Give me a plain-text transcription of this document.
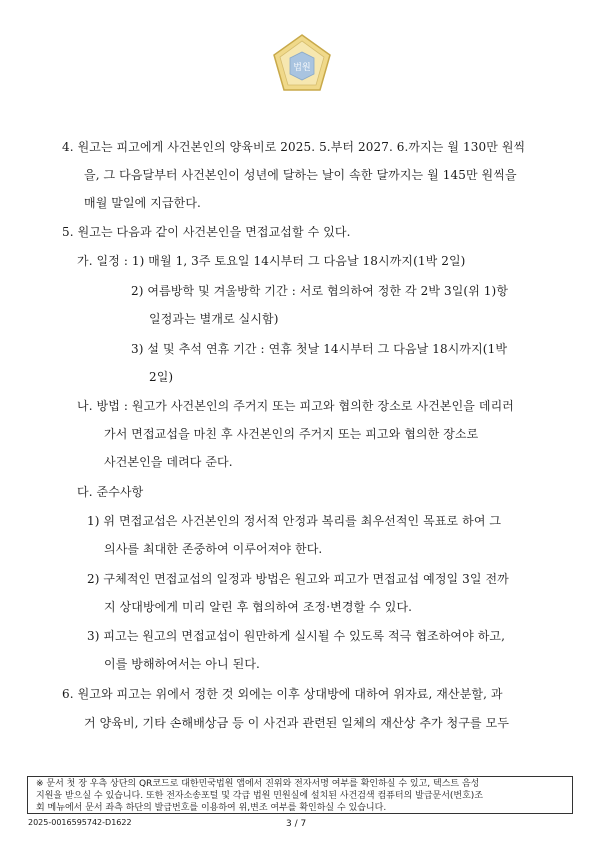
법원
4. 원고는 피고에게 사건본인의 양육비로 2025. 5.부터 2027. 6.까지는 월 130만 원씩
을, 그 다음달부터 사건본인이 성년에 달하는 날이 속한 달까지는 월 145만 원씩을
매월 말일에 지급한다.
5. 원고는 다음과 같이 사건본인을 면접교섭할 수 있다.
가. 일정 : 1) 매월 1, 3주 토요일 14시부터 그 다음날 18시까지(1박 2일)
2) 여름방학 및 겨울방학 기간 : 서로 협의하여 정한 각 2박 3일(위 1)항
일정과는 별개로 실시함)
3) 설 및 추석 연휴 기간 : 연휴 첫날 14시부터 그 다음날 18시까지(1박
2일)
나. 방법 : 원고가 사건본인의 주거지 또는 피고와 협의한 장소로 사건본인을 데리러
가서 면접교섭을 마친 후 사건본인의 주거지 또는 피고와 협의한 장소로
사건본인을 데려다 준다.
다. 준수사항
1) 위 면접교섭은 사건본인의 정서적 안정과 복리를 최우선적인 목표로 하여 그
의사를 최대한 존중하여 이루어져야 한다.
2) 구체적인 면접교섭의 일정과 방법은 원고와 피고가 면접교섭 예정일 3일 전까
지 상대방에게 미리 알린 후 협의하여 조정·변경할 수 있다.
3) 피고는 원고의 면접교섭이 원만하게 실시될 수 있도록 적극 협조하여야 하고,
이를 방해하여서는 아니 된다.
6. 원고와 피고는 위에서 정한 것 외에는 이후 상대방에 대하여 위자료, 재산분할, 과
거 양육비, 기타 손해배상금 등 이 사건과 관련된 일체의 재산상 추가 청구를 모두
※ 문서 첫 장 우측 상단의 QR코드로 대한민국법원 앱에서 진위와 전자서명 여부를 확인하실 수 있고, 텍스트 음성
지원을 받으실 수 있습니다. 또한 전자소송포털 및 각급 법원 민원실에 설치된 사건검색 컴퓨터의 발급문서(번호)조
회 메뉴에서 문서 좌측 하단의 발급번호를 이용하여 위,변조 여부를 확인하실 수 있습니다.
2025-0016595742-D1622	3 / 7
